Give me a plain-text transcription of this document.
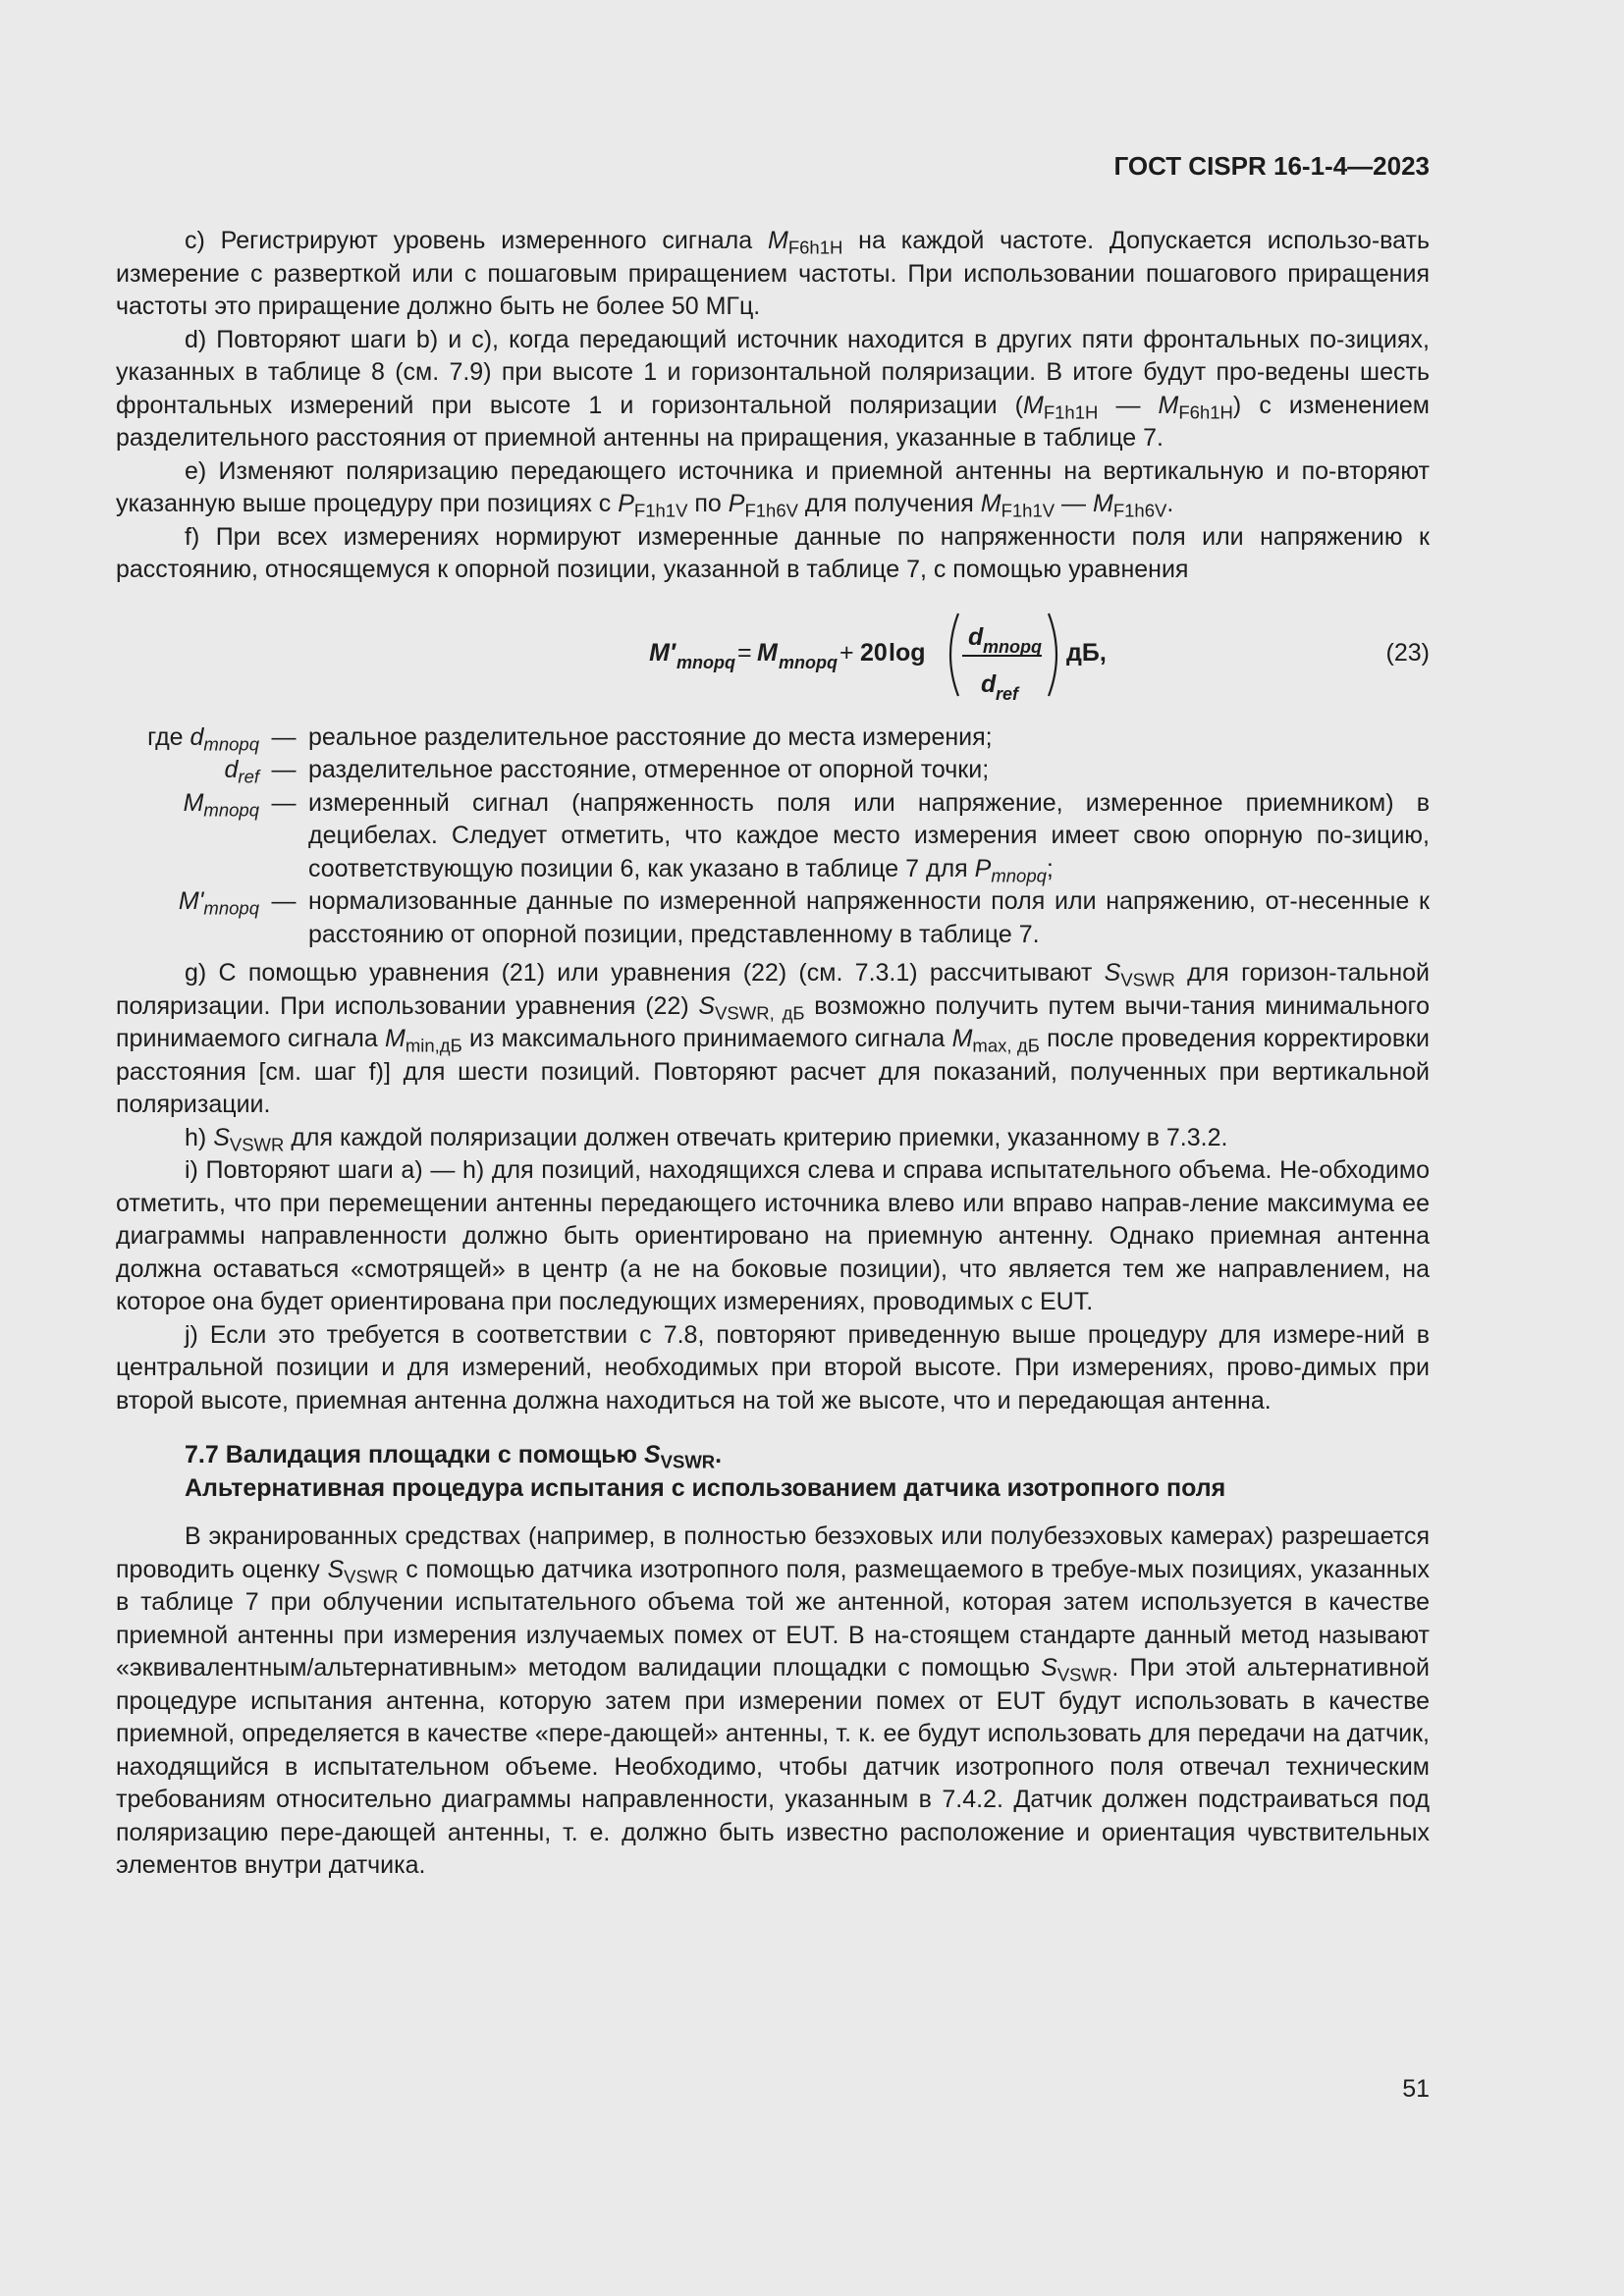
ГОСТ CISPR 16-1-4—2023

c) Регистрируют уровень измеренного сигнала $M_{F6h1H}$ на каждой частоте. Допускается использо-вать измерение с разверткой или с пошаговым приращением частоты. При использовании пошагового приращения частоты это приращение должно быть не более 50 МГц.

d) Повторяют шаги b) и c), когда передающий источник находится в других пяти фронтальных по-зициях, указанных в таблице 8 (см. 7.9) при высоте 1 и горизонтальной поляризации. В итоге будут про-ведены шесть фронтальных измерений при высоте 1 и горизонтальной поляризации ($M_{F1h1H}$ — $M_{F6h1H}$) с изменением разделительного расстояния от приемной антенны на приращения, указанные в таблице 7.

e) Изменяют поляризацию передающего источника и приемной антенны на вертикальную и по-вторяют указанную выше процедуру при позициях с $P_{F1h1V}$ по $P_{F1h6V}$ для получения $M_{F1h1V}$ — $M_{F1h6V}$.

f) При всех измерениях нормируют измеренные данные по напряженности поля или напряжению к расстоянию, относящемуся к опорной позиции, указанной в таблице 7, с помощью уравнения

M′ mnopq = M mnopq + 20 log
d mnopq
d ref
дБ,	(23)
где $d_{mnopq}$ — реальное разделительное расстояние до места измерения;
$d_{ref}$ — разделительное расстояние, отмеренное от опорной точки;
$M_{mnopq}$ — измеренный сигнал (напряженность поля или напряжение, измеренное приемником) в децибелах. Следует отметить, что каждое место измерения имеет свою опорную по-зицию, соответствующую позиции 6, как указано в таблице 7 для $P_{mnopq}$;
$M'_{mnopq}$ — нормализованные данные по измеренной напряженности поля или напряжению, от-несенные к расстоянию от опорной позиции, представленному в таблице 7.

g) С помощью уравнения (21) или уравнения (22) (см. 7.3.1) рассчитывают $S_{VSWR}$ для горизон-тальной поляризации. При использовании уравнения (22) $S_{VSWR, дБ}$ возможно получить путем вычи-тания минимального принимаемого сигнала $M_{min,дБ}$ из максимального принимаемого сигнала $M_{max, дБ}$ после проведения корректировки расстояния [см. шаг f)] для шести позиций. Повторяют расчет для показаний, полученных при вертикальной поляризации.

h) $S_{VSWR}$ для каждой поляризации должен отвечать критерию приемки, указанному в 7.3.2.

i) Повторяют шаги a) — h) для позиций, находящихся слева и справа испытательного объема. Не-обходимо отметить, что при перемещении антенны передающего источника влево или вправо направ-ление максимума ее диаграммы направленности должно быть ориентировано на приемную антенну. Однако приемная антенна должна оставаться «смотрящей» в центр (а не на боковые позиции), что является тем же направлением, на которое она будет ориентирована при последующих измерениях, проводимых с EUT.

j) Если это требуется в соответствии с 7.8, повторяют приведенную выше процедуру для измере-ний в центральной позиции и для измерений, необходимых при второй высоте. При измерениях, прово-димых при второй высоте, приемная антенна должна находиться на той же высоте, что и передающая антенна.

7.7 Валидация площадки с помощью $S_{VSWR}$.
Альтернативная процедура испытания с использованием датчика изотропного поля

В экранированных средствах (например, в полностью безэховых или полубезэховых камерах) разрешается проводить оценку $S_{VSWR}$ с помощью датчика изотропного поля, размещаемого в требуе-мых позициях, указанных в таблице 7 при облучении испытательного объема той же антенной, которая затем используется в качестве приемной антенны при измерения излучаемых помех от EUT. В на-стоящем стандарте данный метод называют «эквивалентным/альтернативным» методом валидации площадки с помощью $S_{VSWR}$. При этой альтернативной процедуре испытания антенна, которую затем при измерении помех от EUT будут использовать в качестве приемной, определяется в качестве «пере-дающей» антенны, т. к. ее будут использовать для передачи на датчик, находящийся в испытательном объеме. Необходимо, чтобы датчик изотропного поля отвечал техническим требованиям относительно диаграммы направленности, указанным в 7.4.2. Датчик должен подстраиваться под поляризацию пере-дающей антенны, т. е. должно быть известно расположение и ориентация чувствительных элементов внутри датчика.

51
